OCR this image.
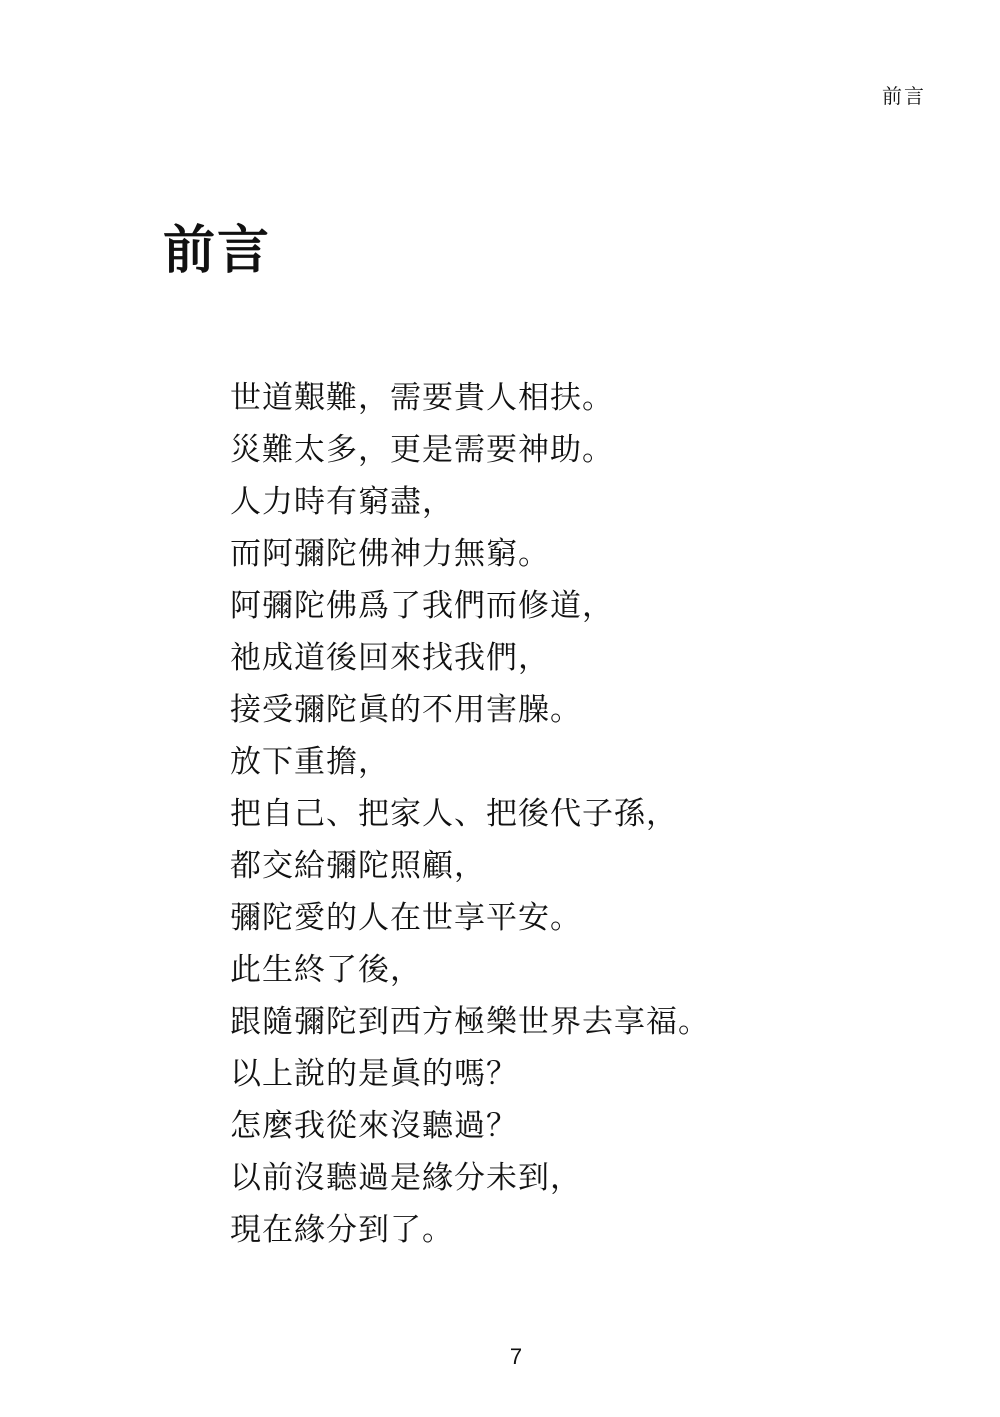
前言
前言
世道艱難，需要貴人相扶。
災難太多，更是需要神助。
人力時有窮盡，
而阿彌陀佛神力無窮。
阿彌陀佛爲了我們而修道，
祂成道後回來找我們，
接受彌陀眞的不用害臊。
放下重擔，
把自己、把家人、把後代子孫，
都交給彌陀照顧，
彌陀愛的人在世享平安。
此生終了後，
跟隨彌陀到西方極樂世界去享福。
以上說的是眞的嗎？
怎麼我從來沒聽過？
以前沒聽過是緣分未到，
現在緣分到了。
7
